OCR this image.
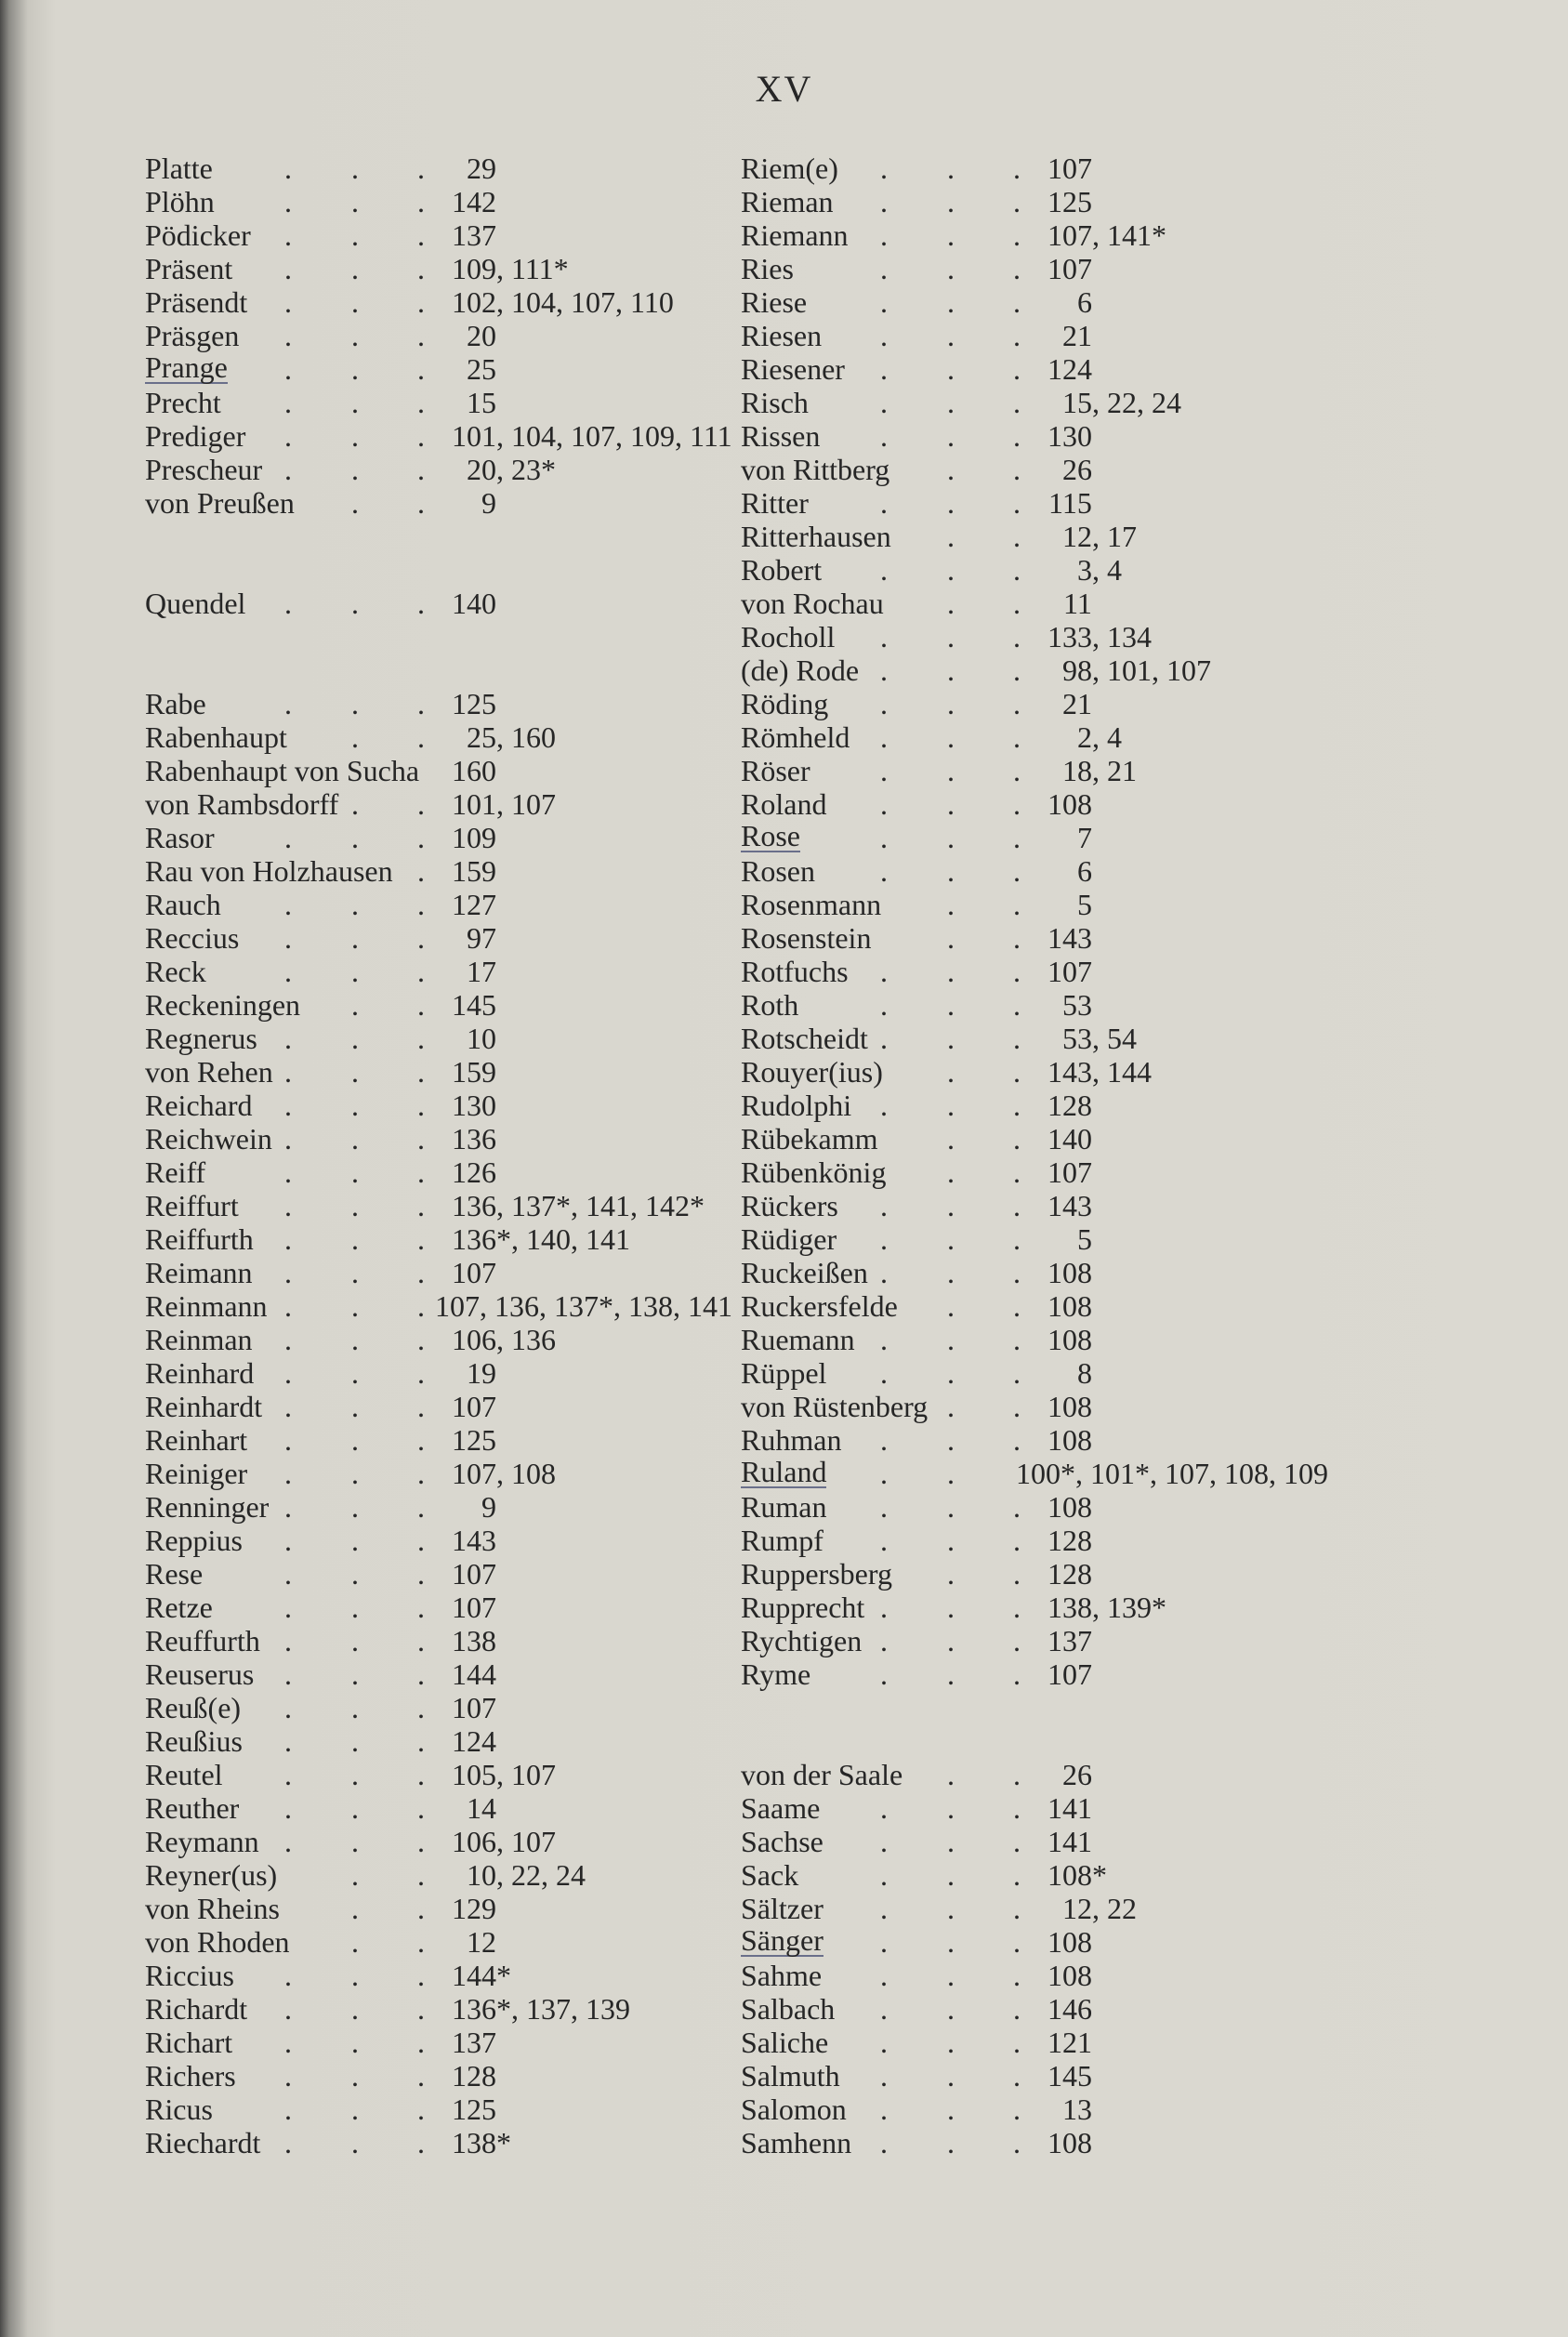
XV
Platte . . . 29
Plöhn . . . 142
Pödicker . . . 137
Präsent . . . 109, 111*
Präsendt . . . 102, 104, 107, 110
Präsgen . . . 20
Prange . . . 25
Precht . . . 15
Prediger . . . 101, 104, 107, 109, 111
Prescheur . . . 20, 23*
von Preußen . . 9
Quendel . . . 140
Rabe	. . . 125
Rabenhaupt . . 25, 160
Rabenhaupt von Sucha 160
von Rambsdorff . . 101, 107
Rasor . . . 109
Rau von Holzhausen . 159
Rauch . . . 127
Reccius . . . 97
Reck	. . . 17
Reckeningen . . 145
Regnerus . . . 10
von Rehen . . . 159
Reichard . . . 130
Reichwein . . . 136
Reiff	. . . 126
Reiffurt . . . 136, 137*, 141, 142*
Reiffurth . . . 136*, 140, 141
Reimann . . . 107
Reinmann . . . 107, 136, 137*, 138, 141
Reinman . . . 106, 136
Reinhard . . . 19
Reinhardt . . . 107
Reinhart . . . 125
Reiniger . . . 107, 108
Renninger . . . 9
Reppius . . . 143
Rese	. . . 107
Retze . . . 107
Reuffurth . . . 138
Reuserus . . . 144
Reuß(e) . . . 107
Reußius . . . 124
Reutel . . . 105, 107
Reuther . . . 14
Reymann . . . 106, 107
Reyner(us) . . 10, 22, 24
von Rheins . . 129
von Rhoden . . 12
Riccius . . . 144*
Richardt . . . 136*, 137, 139
Richart . . . 137
Richers . . . 128
Ricus . . . 125
Riechardt . . . 138*
Riem(e) . . . 107
Rieman . . . 125
Riemann . . . 107, 141*
Ries	. . . 107
Riese . . . 6
Riesen . . . 21
Riesener . . . 124
Risch . . . 15, 22, 24
Rissen . . . 130
von Rittberg . . 26
Ritter . . . 115
Ritterhausen . . 12, 17
Robert . . . 3, 4
von Rochau . . 11
Rocholl . . . 133, 134
(de) Rode . . . 98, 101, 107
Röding . . . 21
Römheld . . . 2, 4
Röser . . . 18, 21
Roland . . . 108
Rose	. . . 7
Rosen . . . 6
Rosenmann . . 5
Rosenstein	. . 143
Rotfuchs . . . 107
Roth	. . . 53
Rotscheidt . . . 53, 54
Rouyer(ius) . . 143, 144
Rudolphi . . . 128
Rübekamm . . 140
Rübenkönig . . 107
Rückers . . . 143
Rüdiger . . . 5
Ruckeißen . . . 108
Ruckersfelde . . 108
Ruemann . . . 108
Rüppel . . . 8
von Rüstenberg . . 108
Ruhman . . . 108
Ruland . . 100*, 101*, 107, 108, 109
Ruman . . . 108
Rumpf . . . 128
Ruppersberg . . 128
Rupprecht . . . 138, 139*
Rychtigen . . . 137
Ryme . . . 107
von der Saale . . 26
Saame . . . 141
Sachse . . . 141
Sack	. . . 108*
Sältzer . . . 12, 22
Sänger . . . 108
Sahme . . . 108
Salbach . . . 146
Saliche . . . 121
Salmuth . . . 145
Salomon . . . 13
Samhenn . . . 108
